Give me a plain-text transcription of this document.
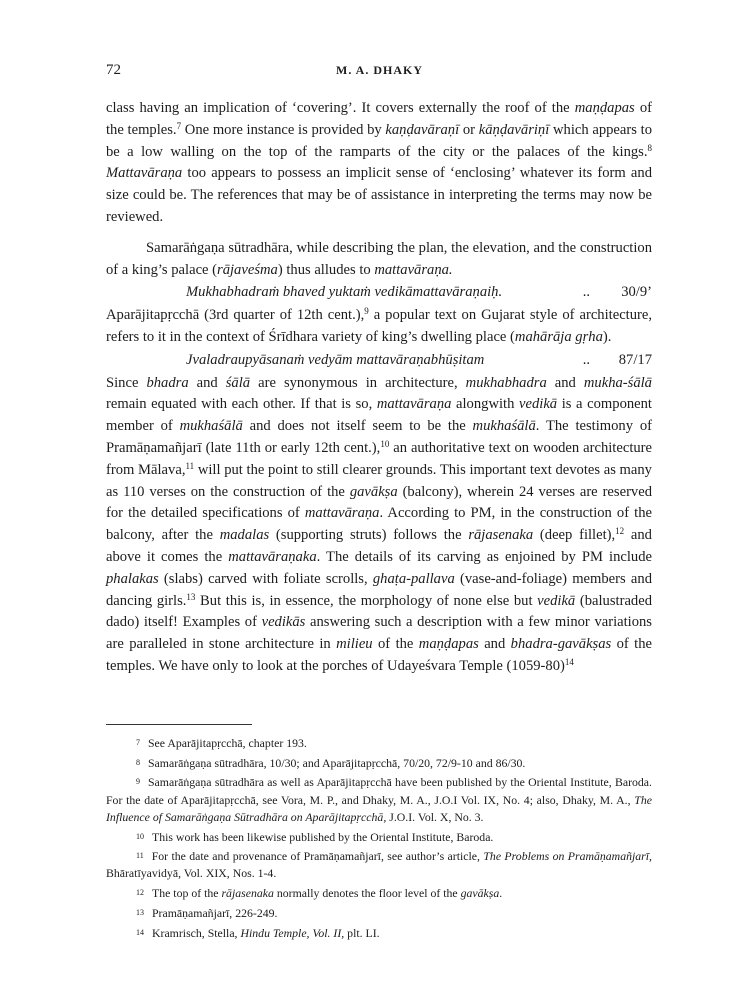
72	M. A. DHAKY

class having an implication of ‘covering’. It covers externally the roof of the maṇḍapas of the temples.$^7$ One more instance is provided by kaṇḍavāraṇī or kāṇḍavāriṇī which appears to be a low walling on the top of the ramparts of the city or the palaces of the kings.$^8$ Mattavāraṇa too appears to possess an implicit sense of ‘enclosing’ whatever its form and size could be. The references that may be of assistance in interpreting the terms may now be reviewed.

Samarāṅgaṇa sūtradhāra, while describing the plan, the elevation, and the construction of a king’s palace (rājaveśma) thus alludes to mattavāraṇa.

Mukhabhadraṁ bhaved yuktaṁ vedikāmattavāraṇaiḥ.	.. 30/9’

Aparājitapṛcchā (3rd quarter of 12th cent.),$^9$ a popular text on Gujarat style of architecture, refers to it in the context of Śrīdhara variety of king’s dwelling place (mahārāja gṛha).

Jvaladraupyāsanaṁ vedyām mattavāraṇabhūṣitam	.. 87/17

Since bhadra and śālā are synonymous in architecture, mukhabhadra and mukha-śālā remain equated with each other. If that is so, mattavāraṇa alongwith vedikā is a component member of mukhaśālā and does not itself seem to be the mukhaśālā. The testimony of Pramāṇamañjarī (late 11th or early 12th cent.),$^{10}$ an authoritative text on wooden architecture from Mālava,$^{11}$ will put the point to still clearer grounds. This important text devotes as many as 110 verses on the construction of the gavākṣa (balcony), wherein 24 verses are reserved for the detailed specifications of mattavāraṇa. According to PM, in the construction of the balcony, after the madalas (supporting struts) follows the rājasenaka (deep fillet),$^{12}$ and above it comes the mattavāraṇaka. The details of its carving as enjoined by PM include phalakas (slabs) carved with foliate scrolls, ghaṭa-pallava (vase-and-foliage) members and dancing girls.$^{13}$ But this is, in essence, the morphology of none else but vedikā (balustraded dado) itself! Examples of vedikās answering such a description with a few minor variations are paralleled in stone architecture in milieu of the maṇḍapas and bhadra-gavākṣas of the temples. We have only to look at the porches of Udayeśvara Temple (1059-80)$^{14}$

7 See Aparājitapṛcchā, chapter 193.

8 Samarāṅgaṇa sūtradhāra, 10/30; and Aparājitapṛcchā, 70/20, 72/9-10 and 86/30.

9 Samarāṅgaṇa sūtradhāra as well as Aparājitapṛcchā have been published by the Oriental Institute, Baroda. For the date of Aparājitapṛcchā, see Vora, M. P., and Dhaky, M. A., J.O.I Vol. IX, No. 4; also, Dhaky, M. A., The Influence of Samarāṅgaṇa Sūtradhāra on Aparājitapṛcchā, J.O.I. Vol. X, No. 3.

10 This work has been likewise published by the Oriental Institute, Baroda.

11 For the date and provenance of Pramāṇamañjarī, see author’s article, The Problems on Pramāṇamañjarī, Bhāratīyavidyā, Vol. XIX, Nos. 1-4.

12 The top of the rājasenaka normally denotes the floor level of the gavākṣa.

13 Pramāṇamañjarī, 226-249.

14 Kramrisch, Stella, Hindu Temple, Vol. II, plt. LI.
